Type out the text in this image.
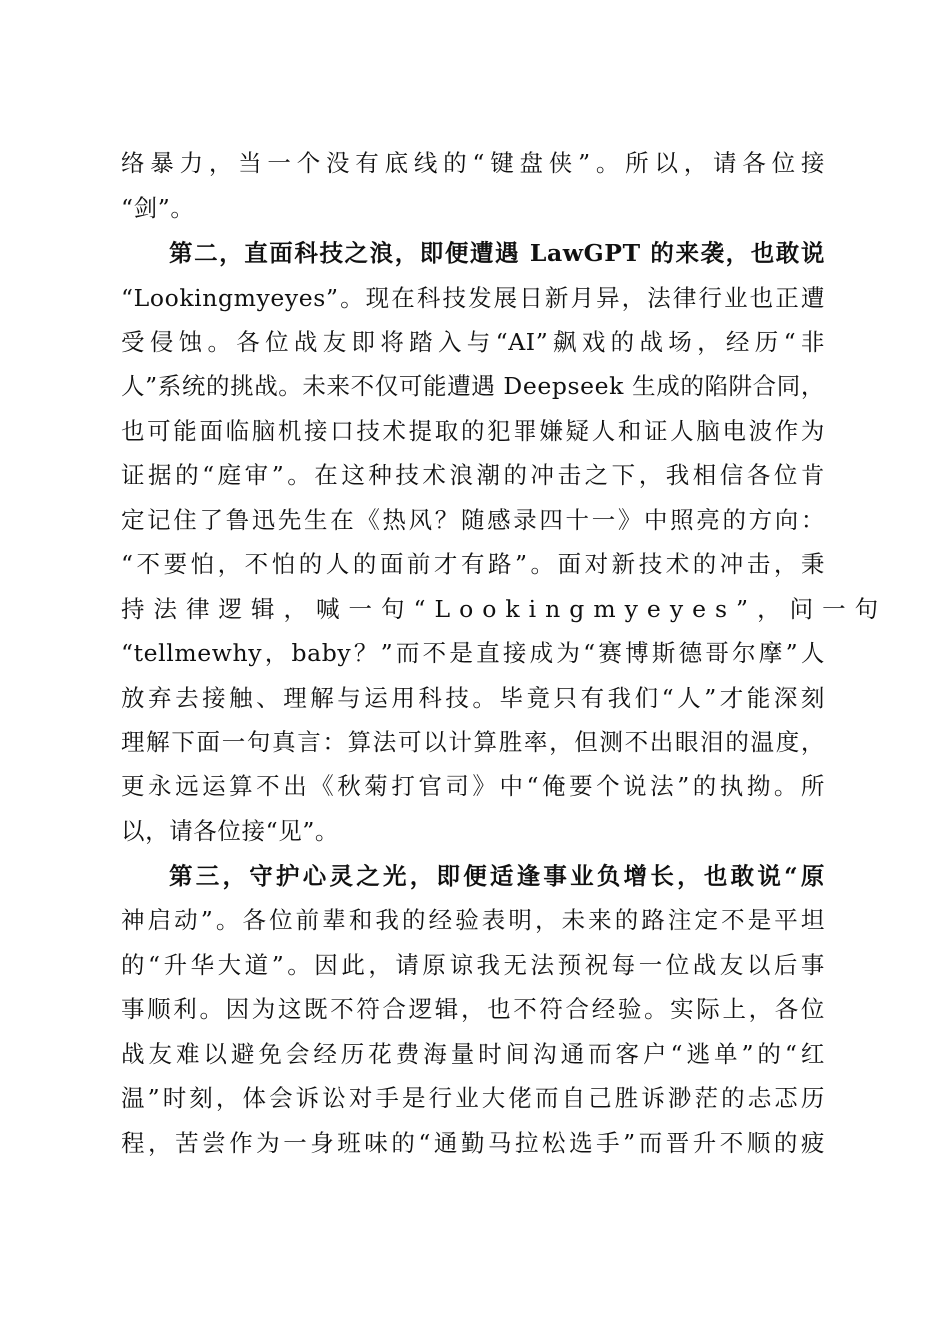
络暴力，当一个没有底线的“键盘侠”。所以，请各位接
“剑”。
第二，直面科技之浪，即便遭遇 LawGPT 的来袭，也敢说
“Lookingmyeyes”。现在科技发展日新月异，法律行业也正遭
受侵蚀。各位战友即将踏入与“AI”飙戏的战场，经历“非
人”系统的挑战。未来不仅可能遭遇 Deepseek 生成的陷阱合同，
也可能面临脑机接口技术提取的犯罪嫌疑人和证人脑电波作为
证据的“庭审”。在这种技术浪潮的冲击之下，我相信各位肯
定记住了鲁迅先生在《热风？随感录四十一》中照亮的方向：
“不要怕，不怕的人的面前才有路”。面对新技术的冲击，秉
持法律逻辑，喊一句“Lookingmyeyes”，问一句
“tellmewhy，baby？”而不是直接成为“赛博斯德哥尔摩”人
放弃去接触、理解与运用科技。毕竟只有我们“人”才能深刻
理解下面一句真言：算法可以计算胜率，但测不出眼泪的温度，
更永远运算不出《秋菊打官司》中“俺要个说法”的执拗。所
以，请各位接“见”。
第三，守护心灵之光，即便适逢事业负增长，也敢说“原
神启动”。各位前辈和我的经验表明，未来的路注定不是平坦
的“升华大道”。因此，请原谅我无法预祝每一位战友以后事
事顺利。因为这既不符合逻辑，也不符合经验。实际上，各位
战友难以避免会经历花费海量时间沟通而客户“逃单”的“红
温”时刻，体会诉讼对手是行业大佬而自己胜诉渺茫的忐忑历
程，苦尝作为一身班味的“通勤马拉松选手”而晋升不顺的疲
